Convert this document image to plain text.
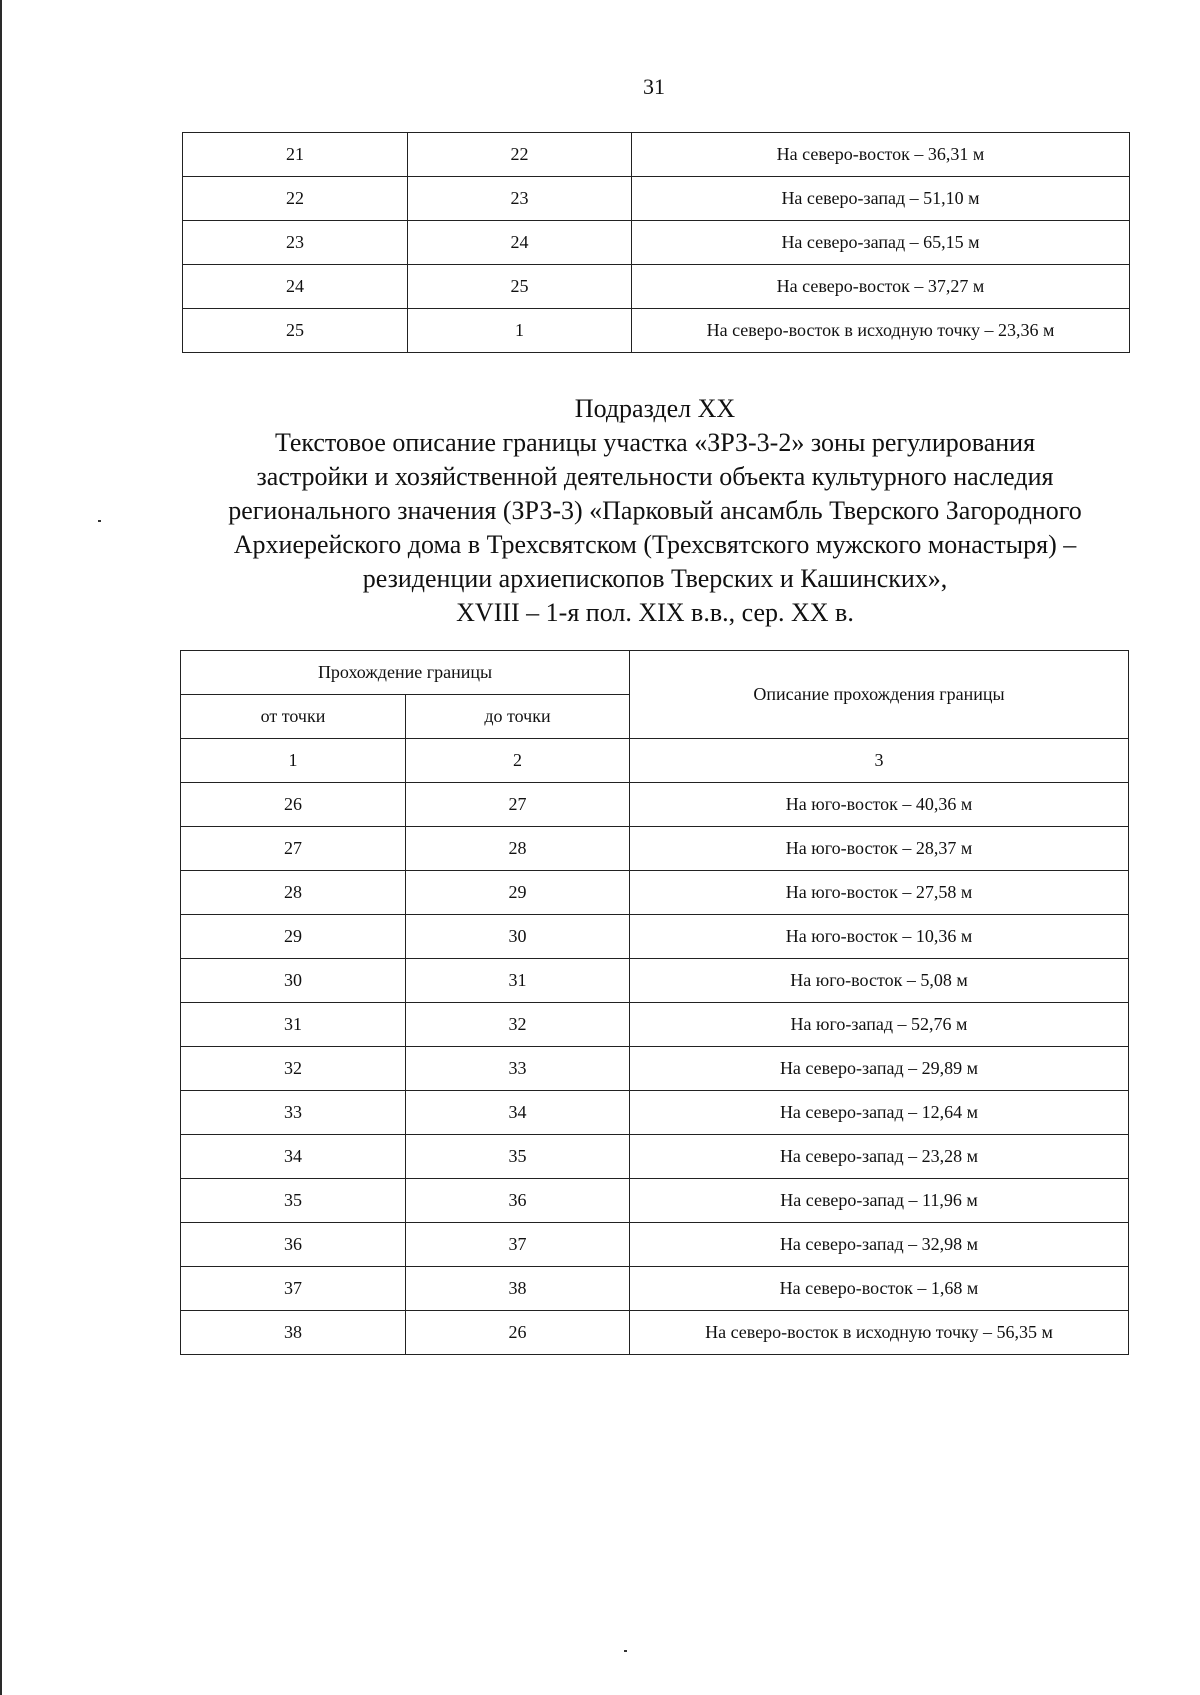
31
21	22	На северо-восток – 36,31 м
22	23	На северо-запад – 51,10 м
23	24	На северо-запад – 65,15 м
24	25	На северо-восток – 37,27 м
25	1	На северо-восток в исходную точку – 23,36 м
Подраздел XX
Текстовое описание границы участка «ЗРЗ-3-2» зоны регулирования
застройки и хозяйственной деятельности объекта культурного наследия
регионального значения (ЗРЗ-3) «Парковый ансамбль Тверского Загородного
Архиерейского дома в Трехсвятском (Трехсвятского мужского монастыря) –
резиденции архиепископов Тверских и Кашинских»,
XVIII – 1-я пол. XIX в.в., сер. XX в.
Прохождение границы		Описание прохождения границы
от точки	до точки	
1	2	3
26	27	На юго-восток – 40,36 м
27	28	На юго-восток – 28,37 м
28	29	На юго-восток – 27,58 м
29	30	На юго-восток – 10,36 м
30	31	На юго-восток – 5,08 м
31	32	На юго-запад – 52,76 м
32	33	На северо-запад – 29,89 м
33	34	На северо-запад – 12,64 м
34	35	На северо-запад – 23,28 м
35	36	На северо-запад – 11,96 м
36	37	На северо-запад – 32,98 м
37	38	На северо-восток – 1,68 м
38	26	На северо-восток в исходную точку – 56,35 м
